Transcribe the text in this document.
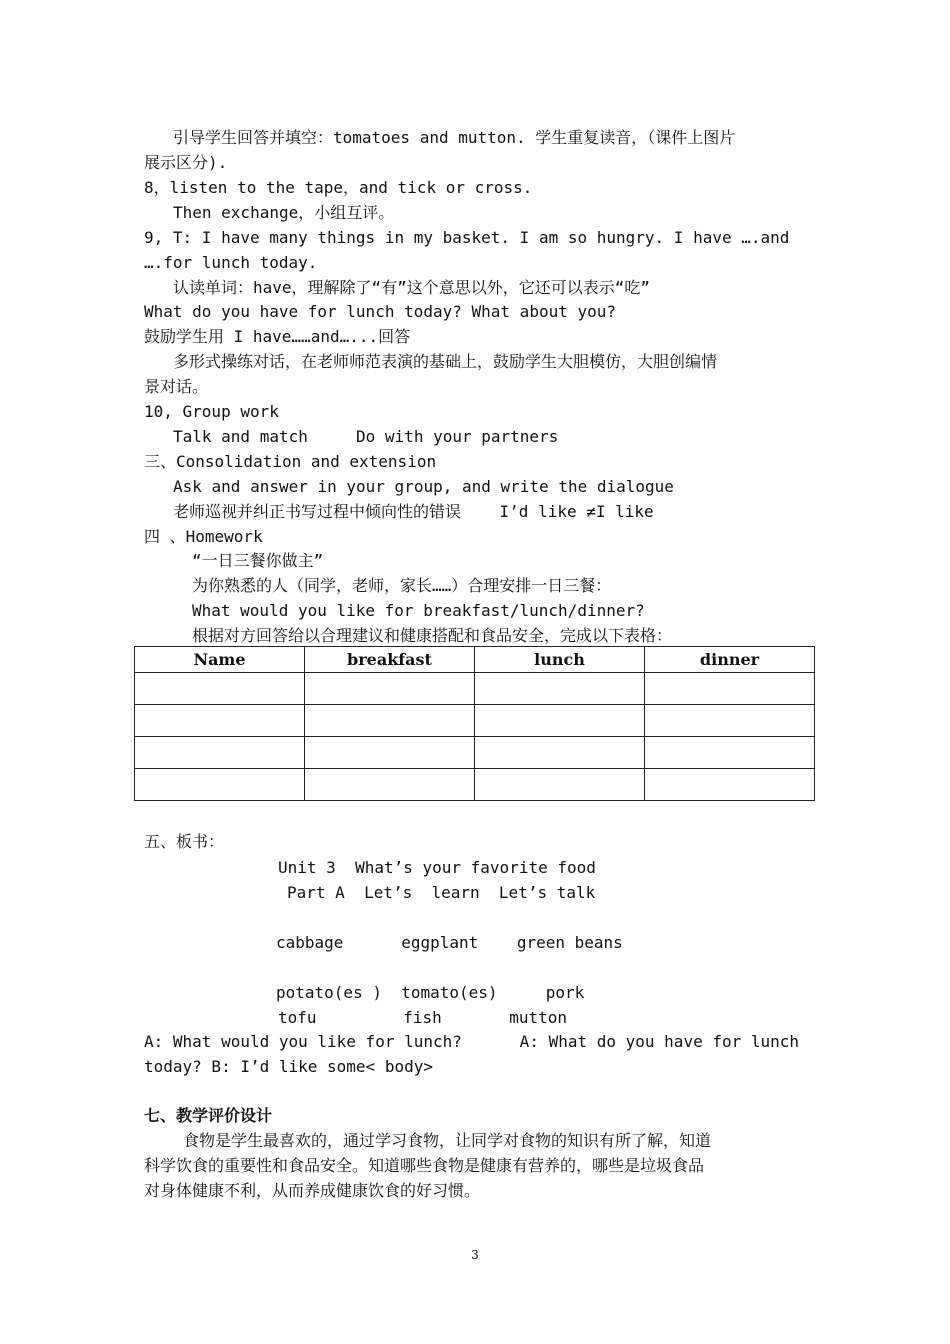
引导学生回答并填空：tomatoes and mutton. 学生重复读音，（课件上图片
展示区分).
8，listen to the tape，and tick or cross.
Then exchange，小组互评。
9, T: I have many things in my basket. I am so hungry. I have ….and
….for lunch today.
认读单词：have，理解除了“有”这个意思以外，它还可以表示“吃”
What do you have for lunch today? What about you?
鼓励学生用 I have……and…...回答
多形式操练对话，在老师师范表演的基础上，鼓励学生大胆模仿，大胆创编情
景对话。
10, Group work
Talk and match     Do with your partners
三、Consolidation and extension
Ask and answer in your group, and write the dialogue
老师巡视并纠正书写过程中倾向性的错误    I’d like ≠I like
四 、Homework
“一日三餐你做主”
为你熟悉的人（同学，老师，家长……）合理安排一日三餐：
What would you like for breakfast/lunch/dinner?
根据对方回答给以合理建议和健康搭配和食品安全，完成以下表格：
Name	breakfast	lunch	dinner

五、板书：
Unit 3  What’s your favorite food
Part A  Let’s  learn  Let’s talk
cabbage      eggplant    green beans
potato(es )  tomato(es)     pork
tofu         fish       mutton
A: What would you like for lunch?      A: What do you have for lunch
today? B: I’d like some< body>
七、教学评价设计
食物是学生最喜欢的，通过学习食物，让同学对食物的知识有所了解，知道
科学饮食的重要性和食品安全。知道哪些食物是健康有营养的，哪些是垃圾食品
对身体健康不利，从而养成健康饮食的好习惯。
3
